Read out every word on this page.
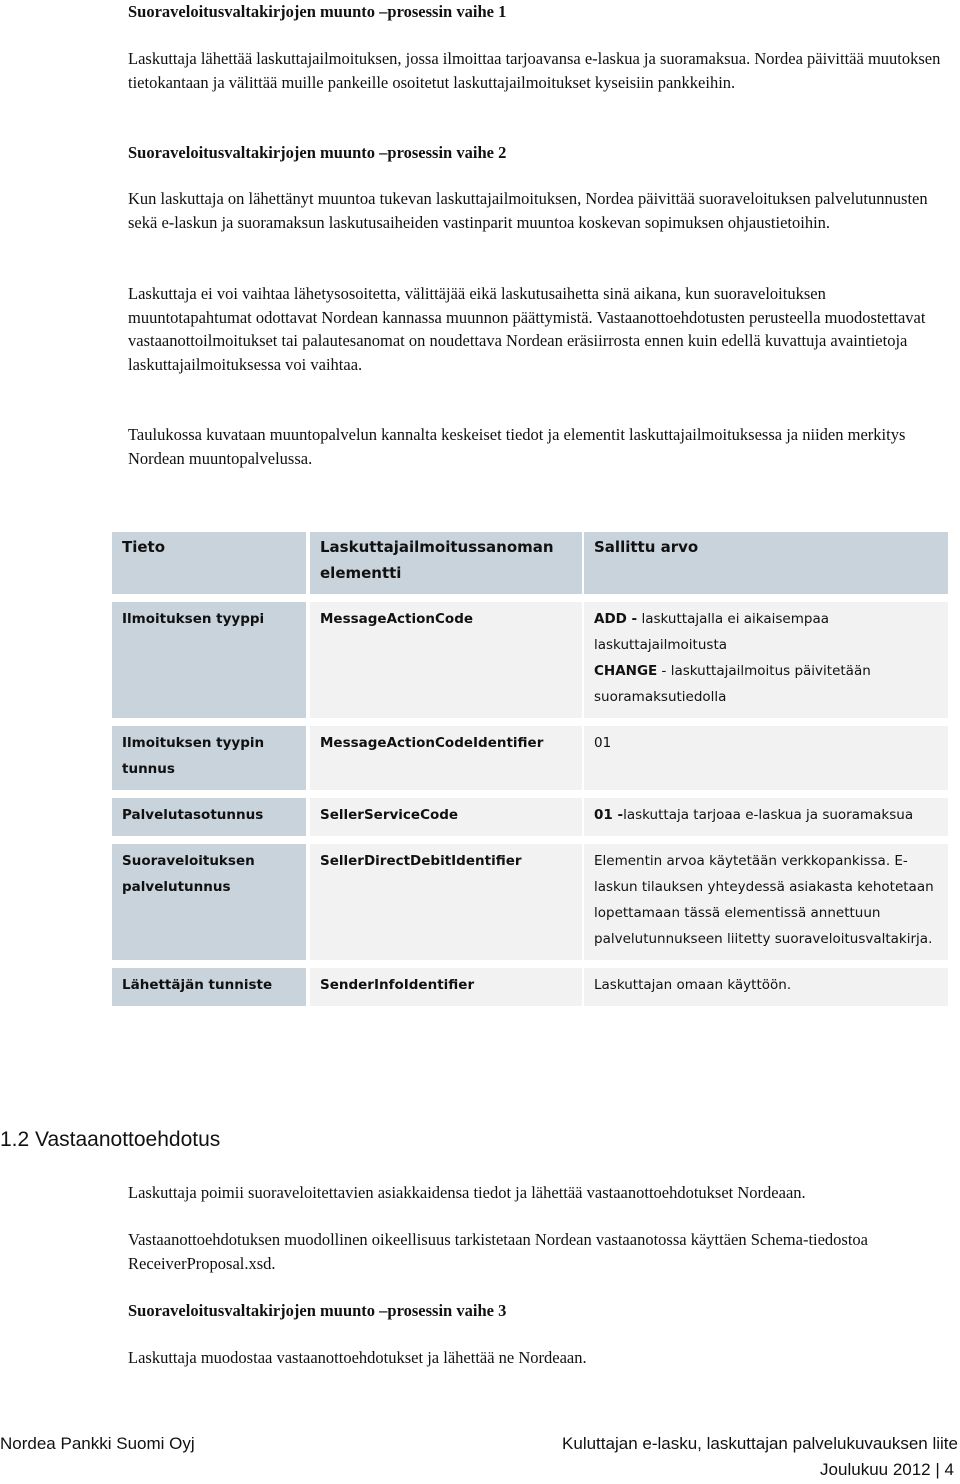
Suoraveloitusvaltakirjojen muunto –prosessin vaihe 1

Laskuttaja lähettää laskuttajailmoituksen, jossa ilmoittaa tarjoavansa e-laskua ja suoramaksua. Nordea päivittää muutoksen tietokantaan ja välittää muille pankeille osoitetut laskuttajailmoitukset kyseisiin pankkeihin.

Suoraveloitusvaltakirjojen muunto –prosessin vaihe 2

Kun laskuttaja on lähettänyt muuntoa tukevan laskuttajailmoituksen, Nordea päivittää suoraveloituksen palvelutunnusten sekä e-laskun ja suoramaksun laskutusaiheiden vastinparit muuntoa koskevan sopimuksen ohjaustietoihin.

Laskuttaja ei voi vaihtaa lähetysosoitetta, välittäjää eikä laskutusaihetta sinä aikana, kun suoraveloituksen muuntotapahtumat odottavat Nordean kannassa muunnon päättymistä. Vastaanottoehdotusten perusteella muodostettavat vastaanottoilmoitukset tai palautesanomat on noudettava Nordean eräsiirrosta ennen kuin edellä kuvattuja avaintietoja laskuttajailmoituksessa voi vaihtaa.

Taulukossa kuvataan muuntopalvelun kannalta keskeiset tiedot ja elementit laskuttajailmoituksessa ja niiden merkitys Nordean muuntopalvelussa.

Tieto	Laskuttajailmoitussanoman elementti	Sallittu arvo

Ilmoituksen tyyppi	MessageActionCode	ADD - laskuttajalla ei aikaisempaa laskuttajailmoitusta
CHANGE - laskuttajailmoitus päivitetään suoramaksutiedolla

Ilmoituksen tyypin tunnus	MessageActionCodeIdentifier	01

Palvelutasotunnus	SellerServiceCode	01 -laskuttaja tarjoaa e-laskua ja suoramaksua

Suoraveloituksen palvelutunnus	SellerDirectDebitIdentifier	Elementin arvoa käytetään verkkopankissa. E-laskun tilauksen yhteydessä asiakasta kehotetaan lopettamaan tässä elementissä annettuun palvelutunnukseen liitetty suoraveloitusvaltakirja.

Lähettäjän tunniste	SenderInfoIdentifier	Laskuttajan omaan käyttöön.
1.2 Vastaanottoehdotus

Laskuttaja poimii suoraveloitettavien asiakkaidensa tiedot ja lähettää vastaanottoehdotukset Nordeaan.

Vastaanottoehdotuksen muodollinen oikeellisuus tarkistetaan Nordean vastaanotossa käyttäen Schema-tiedostoa ReceiverProposal.xsd.

Suoraveloitusvaltakirjojen muunto –prosessin vaihe 3

Laskuttaja muodostaa vastaanottoehdotukset ja lähettää ne Nordeaan.

Nordea Pankki Suomi Oyj	Kuluttajan e-lasku, laskuttajan palvelukuvauksen liite
Joulukuu 2012 | 4
